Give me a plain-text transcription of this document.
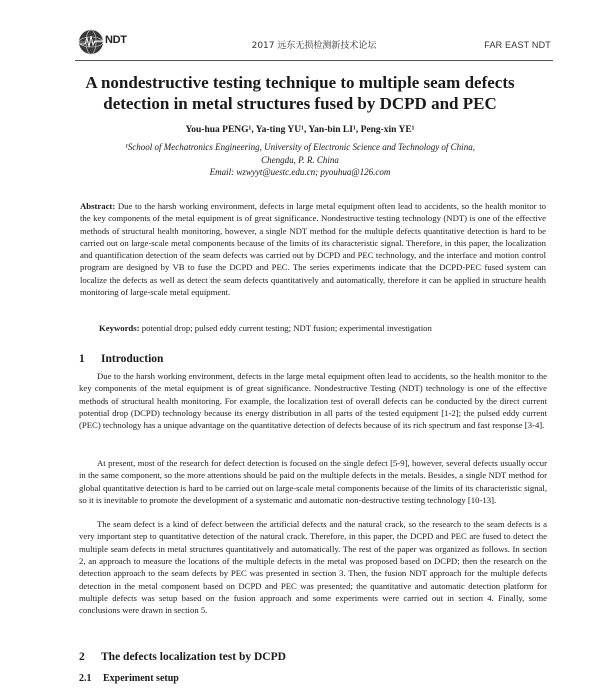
NDT	2017 远东无损检测新技术论坛	FAR EAST NDT
A nondestructive testing technique to multiple seam defects
detection in metal structures fused by DCPD and PEC
You-hua PENG¹, Ya-ting YU¹, Yan-bin LI¹, Peng-xin YE¹
¹School of Mechatronics Engineering, University of Electronic Science and Technology of China,
Chengdu, P. R. China
Email: wzwyyt@uestc.edu.cn; pyouhua@126.com

Abstract: Due to the harsh working environment, defects in large metal equipment often lead to accidents, so the health monitor to the key components of the metal equipment is of great significance. Nondestructive testing technology (NDT) is one of the effective methods of structural health monitoring, however, a single NDT method for the multiple defects quantitative detection is hard to be carried out on large-scale metal components because of the limits of its characteristic signal. Therefore, in this paper, the localization and quantification detection of the seam defects was carried out by DCPD and PEC technology, and the interface and motion control program are designed by VB to fuse the DCPD and PEC. The series experiments indicate that the DCPD-PEC fused system can localize the defects as well as detect the seam defects quantitatively and automatically, therefore it can be applied in structure health monitoring of large-scale metal equipment.

Keywords: potential drop; pulsed eddy current testing; NDT fusion; experimental investigation

1 Introduction

Due to the harsh working environment, defects in the large metal equipment often lead to accidents, so the health monitor to the key components of the metal equipment is of great significance. Nondestructive Testing (NDT) technology is one of the effective methods of structural health monitoring. For example, the localization test of overall defects can be conducted by the direct current potential drop (DCPD) technology because its energy distribution in all parts of the tested equipment [1-2]; the pulsed eddy current (PEC) technology has a unique advantage on the quantitative detection of defects because of its rich spectrum and fast response [3-4].

At present, most of the research for defect detection is focused on the single defect [5-9], however, several defects usually occur in the same component, so the more attentions should be paid on the multiple defects in the metals. Besides, a single NDT method for global quantitative detection is hard to be carried out on large-scale metal components because of the limits of its characteristic signal, so it is inevitable to promote the development of a systematic and automatic non-destructive testing technology [10-13].

The seam defect is a kind of defect between the artificial defects and the natural crack, so the research to the seam defects is a very important step to quantitative detection of the natural crack. Therefore, in this paper, the DCPD and PEC are fused to detect the multiple seam defects in metal structures quantitatively and automatically. The rest of the paper was organized as follows. In section 2, an approach to measure the locations of the multiple defects in the metal was proposed based on DCPD; then the research on the detection approach to the seam defects by PEC was presented in section 3. Then, the fusion NDT approach for the multiple defects detection in the metal component based on DCPD and PEC was presented; the quantitative and automatic detection platform for multiple defects was setup based on the fusion approach and some experiments were carried out in section 4. Finally, some conclusions were drawn in section 5.

2 The defects localization test by DCPD
2.1 Experiment setup
